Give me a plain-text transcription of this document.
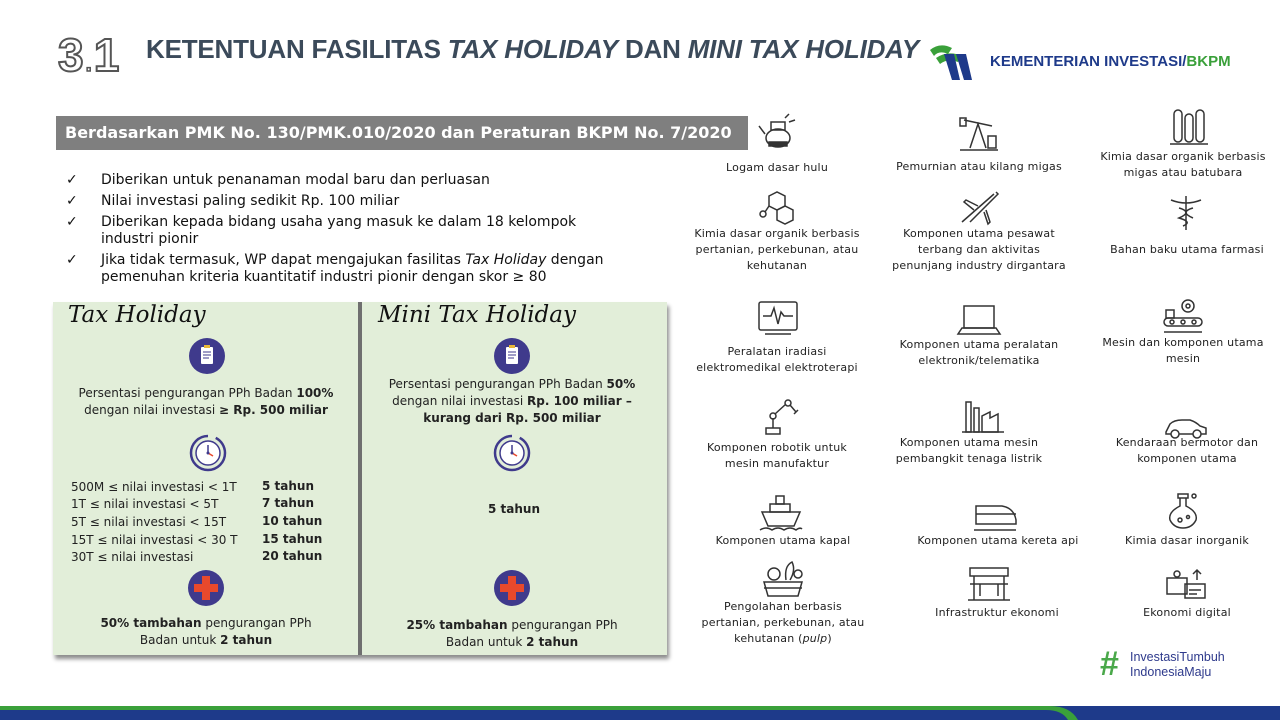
3.1 KETENTUAN FASILITAS TAX HOLIDAY DAN MINI TAX HOLIDAY	KEMENTERIAN INVESTASI/BKPM
Berdasarkan PMK No. 130/PMK.010/2020 dan Peraturan BKPM No. 7/2020
✓	Diberikan untuk penanaman modal baru dan perluasan
✓	Nilai investasi paling sedikit Rp. 100 miliar
✓	Diberikan kepada bidang usaha yang masuk ke dalam 18 kelompok industri pionir
✓	Jika tidak termasuk, WP dapat mengajukan fasilitas Tax Holiday dengan pemenuhan kriteria kuantitatif industri pionir dengan skor ≥ 80
Tax Holiday
Persentasi pengurangan PPh Badan 100%
dengan nilai investasi ≥ Rp. 500 miliar
500M ≤ nilai investasi < 1T 5 tahun
1T ≤ nilai investasi < 5T	7 tahun
5T ≤ nilai investasi < 15T	10 tahun
15T ≤ nilai investasi < 30 T 15 tahun
30T ≤ nilai investasi	20 tahun
50% tambahan pengurangan PPh
Badan untuk 2 tahun
Mini Tax Holiday
Persentasi pengurangan PPh Badan 50%
dengan nilai investasi Rp. 100 miliar –
kurang dari Rp. 500 miliar
5 tahun
25% tambahan pengurangan PPh
Badan untuk 2 tahun
Logam dasar hulu	Pemurnian atau kilang migas
Kimia dasar organik berbasis
migas atau batubara
Kimia dasar organik berbasis
pertanian, perkebunan, atau
kehutanan
Komponen utama pesawat
terbang dan aktivitas
penunjang industry dirgantara
Bahan baku utama farmasi
Peralatan iradiasi
elektromedikal elektroterapi
Komponen utama peralatan
elektronik/telematika
Mesin dan komponen utama
mesin
Komponen robotik untuk
mesin manufaktur
Komponen utama mesin
pembangkit tenaga listrik
Kendaraan bermotor dan
komponen utama
Komponen utama kapal	Komponen utama kereta api	Kimia dasar inorganik
Pengolahan berbasis
pertanian, perkebunan, atau
kehutanan (pulp)
Infrastruktur ekonomi	Ekonomi digital
# InvestasiTumbuh
IndonesiaMaju
